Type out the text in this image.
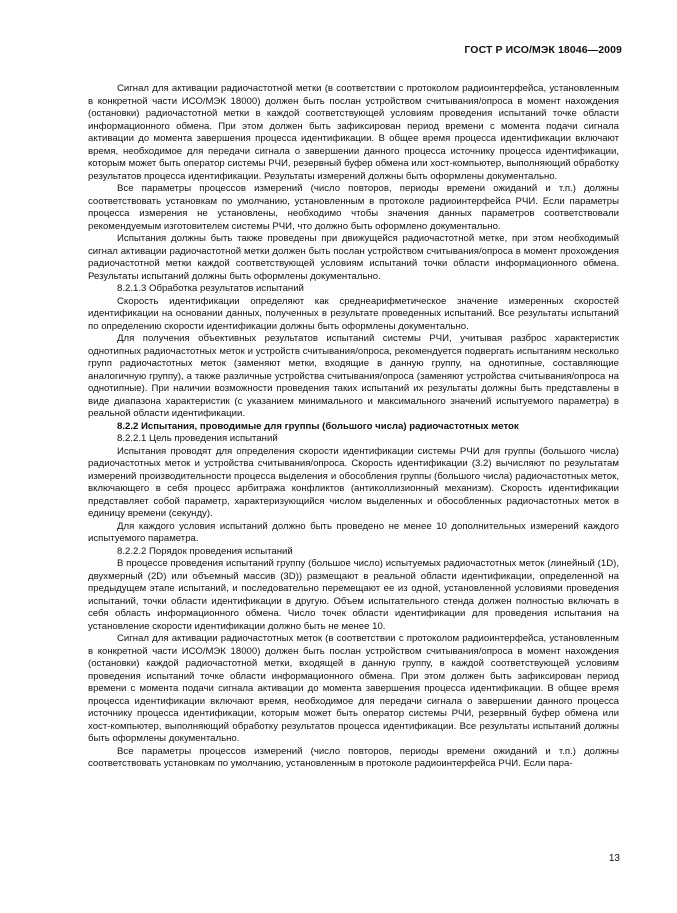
ГОСТ Р ИСО/МЭК 18046—2009

Сигнал для активации радиочастотной метки (в соответствии с протоколом радиоинтерфейса, установленным в конкретной части ИСО/МЭК 18000) должен быть послан устройством считывания/опроса в момент нахождения (остановки) радиочастотной метки в каждой соответствующей условиям проведения испытаний точке области информационного обмена. При этом должен быть зафиксирован период времени с момента подачи сигнала активации до момента завершения процесса идентификации. В общее время процесса идентификации включают время, необходимое для передачи сигнала о завершении данного процесса источнику процесса идентификации, которым может быть оператор системы РЧИ, резервный буфер обмена или хост-компьютер, выполняющий обработку результатов процесса идентификации. Результаты измерений должны быть оформлены документально.

Все параметры процессов измерений (число повторов, периоды времени ожиданий и т.п.) должны соответствовать установкам по умолчанию, установленным в протоколе радиоинтерфейса РЧИ. Если параметры процесса измерения не установлены, необходимо чтобы значения данных параметров соответствовали рекомендуемым изготовителем системы РЧИ, что должно быть оформлено документально.

Испытания должны быть также проведены при движущейся радиочастотной метке, при этом необходимый сигнал активации радиочастотной метки должен быть послан устройством считывания/опроса в момент прохождения радиочастотной метки каждой соответствующей условиям испытаний точки области информационного обмена. Результаты испытаний должны быть оформлены документально.

8.2.1.3 Обработка результатов испытаний

Скорость идентификации определяют как среднеарифметическое значение измеренных скоростей идентификации на основании данных, полученных в результате проведенных испытаний. Все результаты испытаний по определению скорости идентификации должны быть оформлены документально.

Для получения объективных результатов испытаний системы РЧИ, учитывая разброс характеристик однотипных радиочастотных меток и устройств считывания/опроса, рекомендуется подвергать испытаниям несколько групп радиочастотных меток (заменяют метки, входящие в данную группу, на однотипные, составляющие аналогичную группу), а также различные устройства считывания/опроса (заменяют устройства считывания/опроса на однотипные). При наличии возможности проведения таких испытаний их результаты должны быть представлены в виде диапазона характеристик (с указанием минимального и максимального значений испытуемого параметра) в реальной области идентификации.

8.2.2 Испытания, проводимые для группы (большого числа) радиочастотных меток

8.2.2.1 Цель проведения испытаний

Испытания проводят для определения скорости идентификации системы РЧИ для группы (большого числа) радиочастотных меток и устройства считывания/опроса. Скорость идентификации (3.2) вычисляют по результатам измерений производительности процесса выделения и обособления группы (большого числа) радиочастотных меток, включающего в себя процесс арбитража конфликтов (антиколлизионный механизм). Скорость идентификации представляет собой параметр, характеризующийся числом выделенных и обособленных радиочастотных меток в единицу времени (секунду).

Для каждого условия испытаний должно быть проведено не менее 10 дополнительных измерений каждого испытуемого параметра.

8.2.2.2 Порядок проведения испытаний

В процессе проведения испытаний группу (большое число) испытуемых радиочастотных меток (линейный (1D), двухмерный (2D) или объемный массив (3D)) размещают в реальной области идентификации, определенной на предыдущем этапе испытаний, и последовательно перемещают ее из одной, установленной условиями проведения испытаний, точки области идентификации в другую. Объем испытательного стенда должен полностью включать в себя область информационного обмена. Число точек области идентификации для проведения испытания на установление скорости идентификации должно быть не менее 10.

Сигнал для активации радиочастотных меток (в соответствии с протоколом радиоинтерфейса, установленным в конкретной части ИСО/МЭК 18000) должен быть послан устройством считывания/опроса в момент нахождения (остановки) каждой радиочастотной метки, входящей в данную группу, в каждой соответствующей условиям проведения испытаний точке области информационного обмена. При этом должен быть зафиксирован период времени с момента подачи сигнала активации до момента завершения процесса идентификации. В общее время процесса идентификации включают время, необходимое для передачи сигнала о завершении данного процесса источнику процесса идентификации, которым может быть оператор системы РЧИ, резервный буфер обмена или хост-компьютер, выполняющий обработку результатов процесса идентификации. Все результаты испытаний должны быть оформлены документально.

Все параметры процессов измерений (число повторов, периоды времени ожиданий и т.п.) должны соответствовать установкам по умолчанию, установленным в протоколе радиоинтерфейса РЧИ. Если пара-

13
